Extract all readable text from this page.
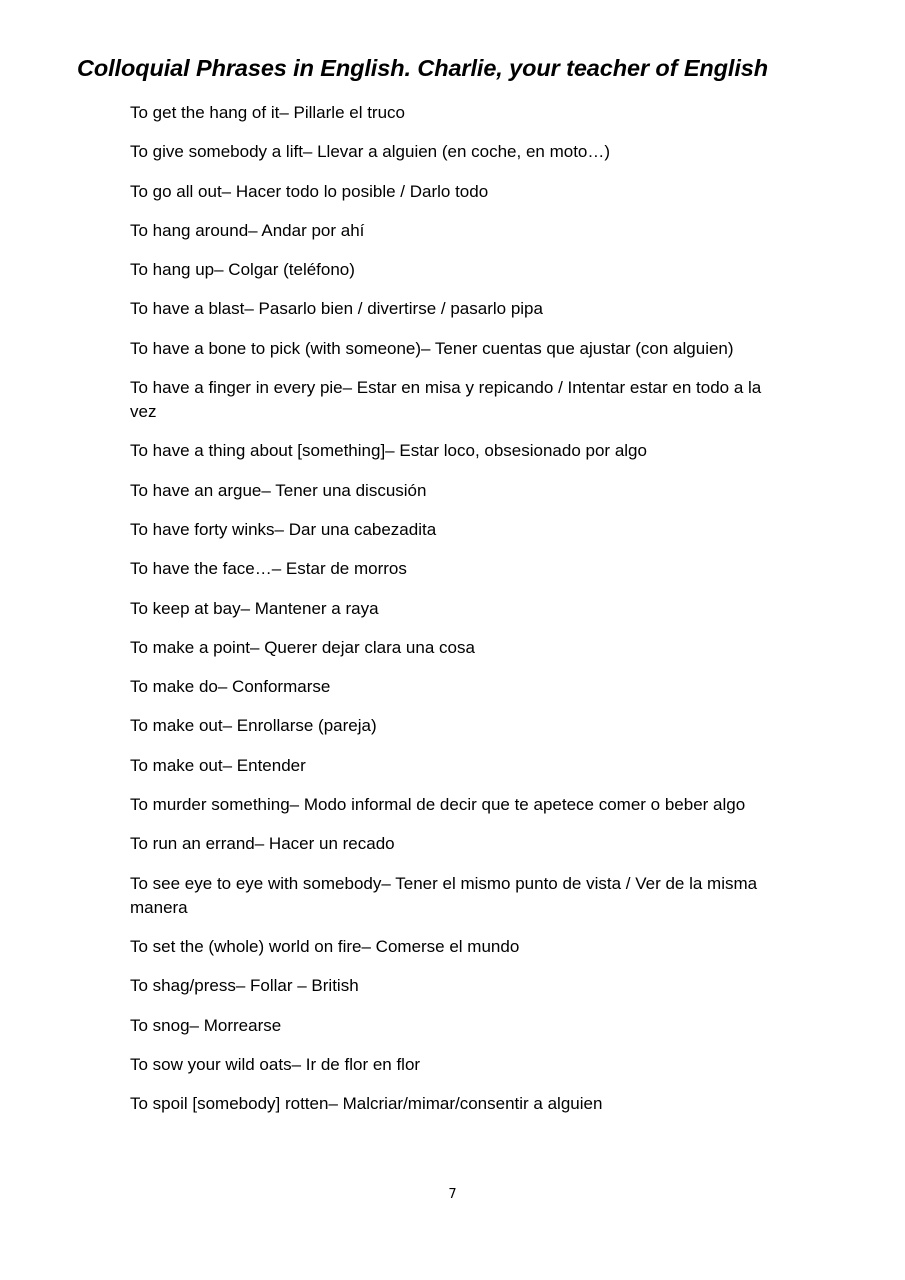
Colloquial Phrases in English. Charlie, your teacher of English
To get the hang of it– Pillarle el truco
To give somebody a lift– Llevar a alguien (en coche, en moto…)
To go all out– Hacer todo lo posible / Darlo todo
To hang around– Andar por ahí
To hang up– Colgar (teléfono)
To have a blast– Pasarlo bien / divertirse / pasarlo pipa
To have a bone to pick (with someone)– Tener cuentas que ajustar (con alguien)
To have a finger in every pie– Estar en misa y repicando / Intentar estar en todo a la vez
To have a thing about [something]– Estar loco, obsesionado por algo
To have an argue– Tener una discusión
To have forty winks– Dar una cabezadita
To have the face…– Estar de morros
To keep at bay– Mantener a raya
To make a point– Querer dejar clara una cosa
To make do– Conformarse
To make out– Enrollarse (pareja)
To make out– Entender
To murder something– Modo informal de decir que te apetece comer o beber algo
To run an errand– Hacer un recado
To see eye to eye with somebody– Tener el mismo punto de vista / Ver de la misma manera
To set the (whole) world on fire– Comerse el mundo
To shag/press– Follar – British
To snog– Morrearse
To sow your wild oats– Ir de flor en flor
To spoil [somebody] rotten– Malcriar/mimar/consentir a alguien
7
